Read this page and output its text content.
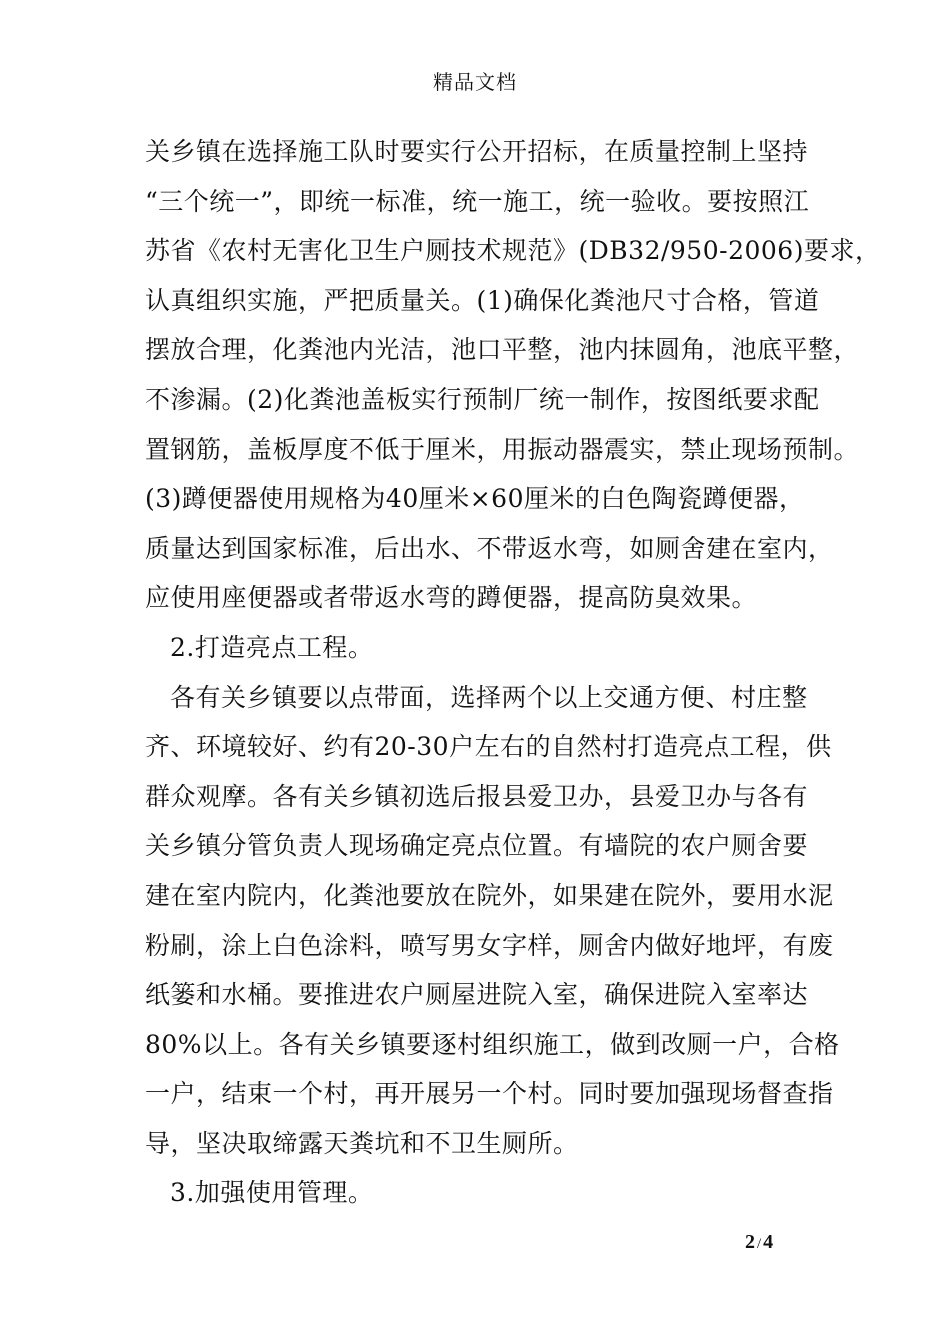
精品文档

关乡镇在选择施工队时要实行公开招标，在质量控制上坚持

“三个统一”，即统一标准，统一施工，统一验收。要按照江

苏省《农村无害化卫生户厕技术规范》(DB32/950-2006)要求，

认真组织实施，严把质量关。(1)确保化粪池尺寸合格，管道

摆放合理，化粪池内光洁，池口平整，池内抹圆角，池底平整，

不渗漏。(2)化粪池盖板实行预制厂统一制作，按图纸要求配

置钢筋，盖板厚度不低于厘米，用振动器震实，禁止现场预制。

(3)蹲便器使用规格为40厘米×60厘米的白色陶瓷蹲便器，

质量达到国家标准，后出水、不带返水弯，如厕舍建在室内，

应使用座便器或者带返水弯的蹲便器，提高防臭效果。

2.打造亮点工程。

各有关乡镇要以点带面，选择两个以上交通方便、村庄整

齐、环境较好、约有20-30户左右的自然村打造亮点工程，供

群众观摩。各有关乡镇初选后报县爱卫办，县爱卫办与各有

关乡镇分管负责人现场确定亮点位置。有墙院的农户厕舍要

建在室内院内，化粪池要放在院外，如果建在院外，要用水泥

粉刷，涂上白色涂料，喷写男女字样，厕舍内做好地坪，有废

纸篓和水桶。要推进农户厕屋进院入室，确保进院入室率达

80%以上。各有关乡镇要逐村组织施工，做到改厕一户，合格

一户，结束一个村，再开展另一个村。同时要加强现场督查指

导，坚决取缔露天粪坑和不卫生厕所。

3.加强使用管理。

2 / 4
